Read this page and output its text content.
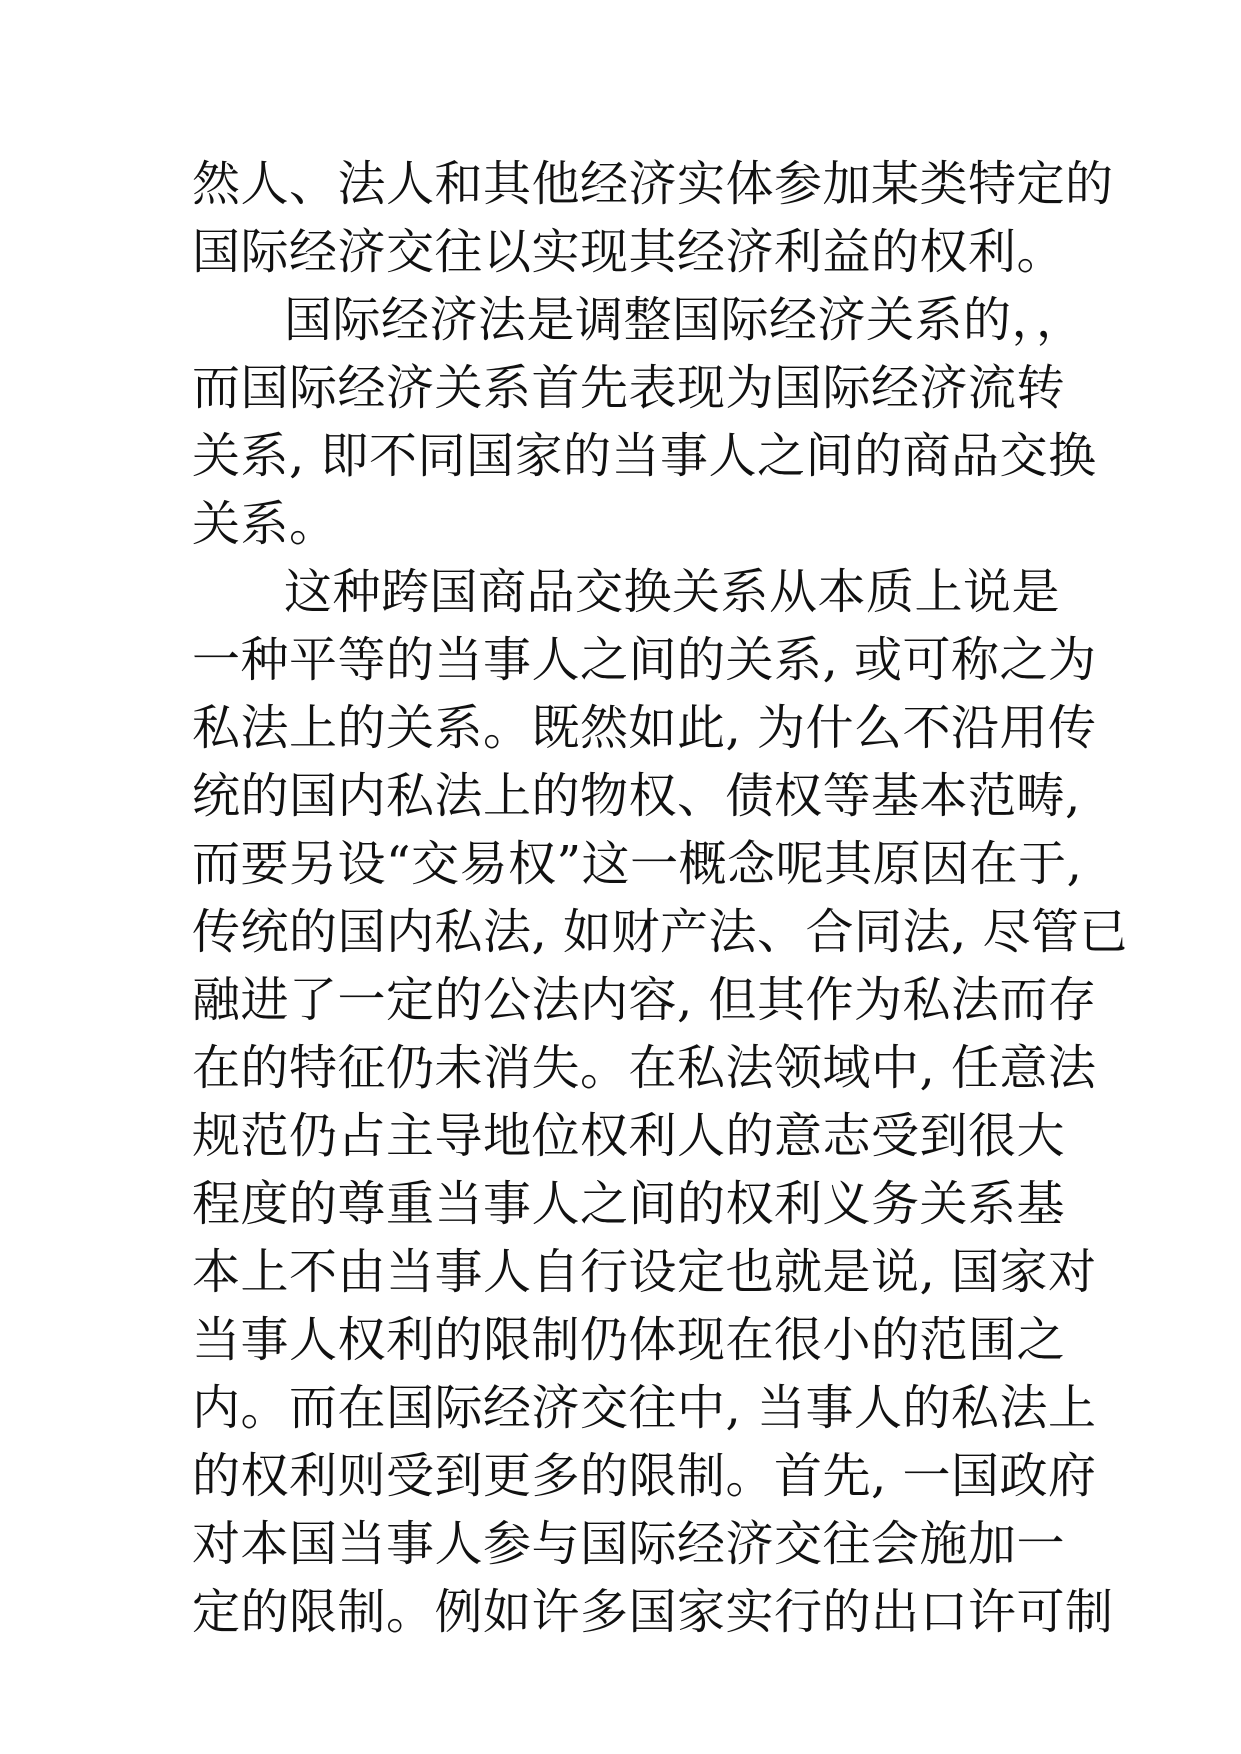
然人、法人和其他经济实体参加某类特定的
国际经济交往以实现其经济利益的权利。
国际经济法是调整国际经济关系的，，
而国际经济关系首先表现为国际经济流转
关系, 即不同国家的当事人之间的商品交换
关系。
这种跨国商品交换关系从本质上说是
一种平等的当事人之间的关系, 或可称之为
私法上的关系。既然如此, 为什么不沿用传
统的国内私法上的物权、债权等基本范畴,
而要另设“交易权”这一概念呢其原因在于,
传统的国内私法, 如财产法、合同法, 尽管已
融进了一定的公法内容, 但其作为私法而存
在的特征仍未消失。在私法领域中, 任意法
规范仍占主导地位权利人的意志受到很大
程度的尊重当事人之间的权利义务关系基
本上不由当事人自行设定也就是说, 国家对
当事人权利的限制仍体现在很小的范围之
内。而在国际经济交往中, 当事人的私法上
的权利则受到更多的限制。首先, 一国政府
对本国当事人参与国际经济交往会施加一
定的限制。例如许多国家实行的出口许可制
